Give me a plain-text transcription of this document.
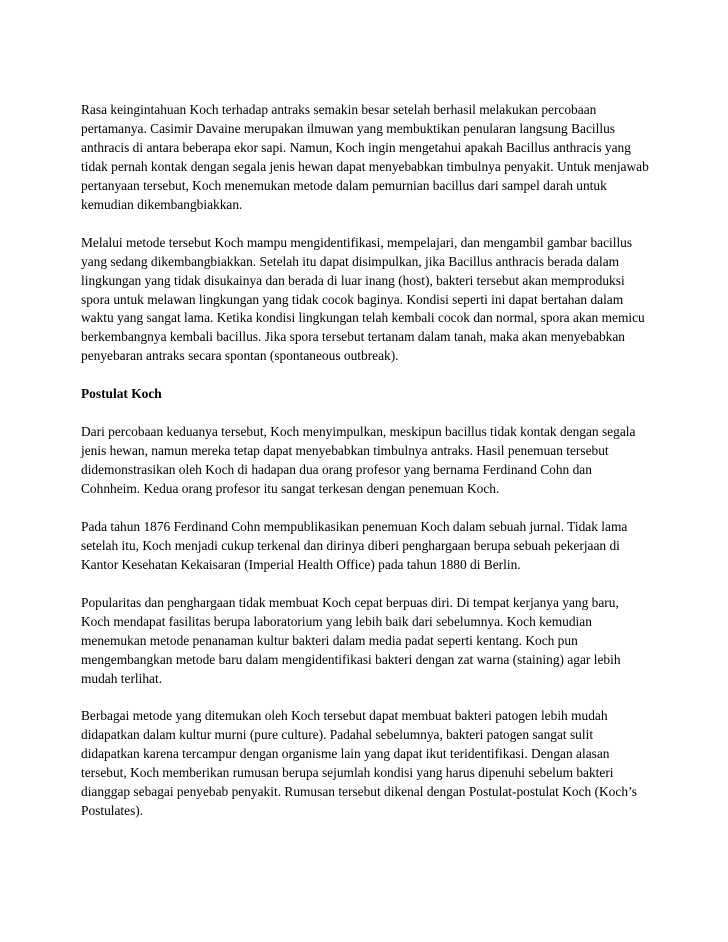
Rasa keingintahuan Koch terhadap antraks semakin besar setelah berhasil melakukan percobaan pertamanya. Casimir Davaine merupakan ilmuwan yang membuktikan penularan langsung Bacillus anthracis di antara beberapa ekor sapi. Namun, Koch ingin mengetahui apakah Bacillus anthracis yang tidak pernah kontak dengan segala jenis hewan dapat menyebabkan timbulnya penyakit. Untuk menjawab pertanyaan tersebut, Koch menemukan metode dalam pemurnian bacillus dari sampel darah untuk kemudian dikembangbiakkan.

Melalui metode tersebut Koch mampu mengidentifikasi, mempelajari, dan mengambil gambar bacillus yang sedang dikembangbiakkan. Setelah itu dapat disimpulkan, jika Bacillus anthracis berada dalam lingkungan yang tidak disukainya dan berada di luar inang (host), bakteri tersebut akan memproduksi spora untuk melawan lingkungan yang tidak cocok baginya. Kondisi seperti ini dapat bertahan dalam waktu yang sangat lama. Ketika kondisi lingkungan telah kembali cocok dan normal, spora akan memicu berkembangnya kembali bacillus. Jika spora tersebut tertanam dalam tanah, maka akan menyebabkan penyebaran antraks secara spontan (spontaneous outbreak).

Postulat Koch

Dari percobaan keduanya tersebut, Koch menyimpulkan, meskipun bacillus tidak kontak dengan segala jenis hewan, namun mereka tetap dapat menyebabkan timbulnya antraks. Hasil penemuan tersebut didemonstrasikan oleh Koch di hadapan dua orang profesor yang bernama Ferdinand Cohn dan Cohnheim. Kedua orang profesor itu sangat terkesan dengan penemuan Koch.

Pada tahun 1876 Ferdinand Cohn mempublikasikan penemuan Koch dalam sebuah jurnal. Tidak lama setelah itu, Koch menjadi cukup terkenal dan dirinya diberi penghargaan berupa sebuah pekerjaan di Kantor Kesehatan Kekaisaran (Imperial Health Office) pada tahun 1880 di Berlin.

Popularitas dan penghargaan tidak membuat Koch cepat berpuas diri. Di tempat kerjanya yang baru, Koch mendapat fasilitas berupa laboratorium yang lebih baik dari sebelumnya. Koch kemudian menemukan metode penanaman kultur bakteri dalam media padat seperti kentang. Koch pun mengembangkan metode baru dalam mengidentifikasi bakteri dengan zat warna (staining) agar lebih mudah terlihat.

Berbagai metode yang ditemukan oleh Koch tersebut dapat membuat bakteri patogen lebih mudah didapatkan dalam kultur murni (pure culture). Padahal sebelumnya, bakteri patogen sangat sulit didapatkan karena tercampur dengan organisme lain yang dapat ikut teridentifikasi. Dengan alasan tersebut, Koch memberikan rumusan berupa sejumlah kondisi yang harus dipenuhi sebelum bakteri dianggap sebagai penyebab penyakit. Rumusan tersebut dikenal dengan Postulat-postulat Koch (Koch’s Postulates).
